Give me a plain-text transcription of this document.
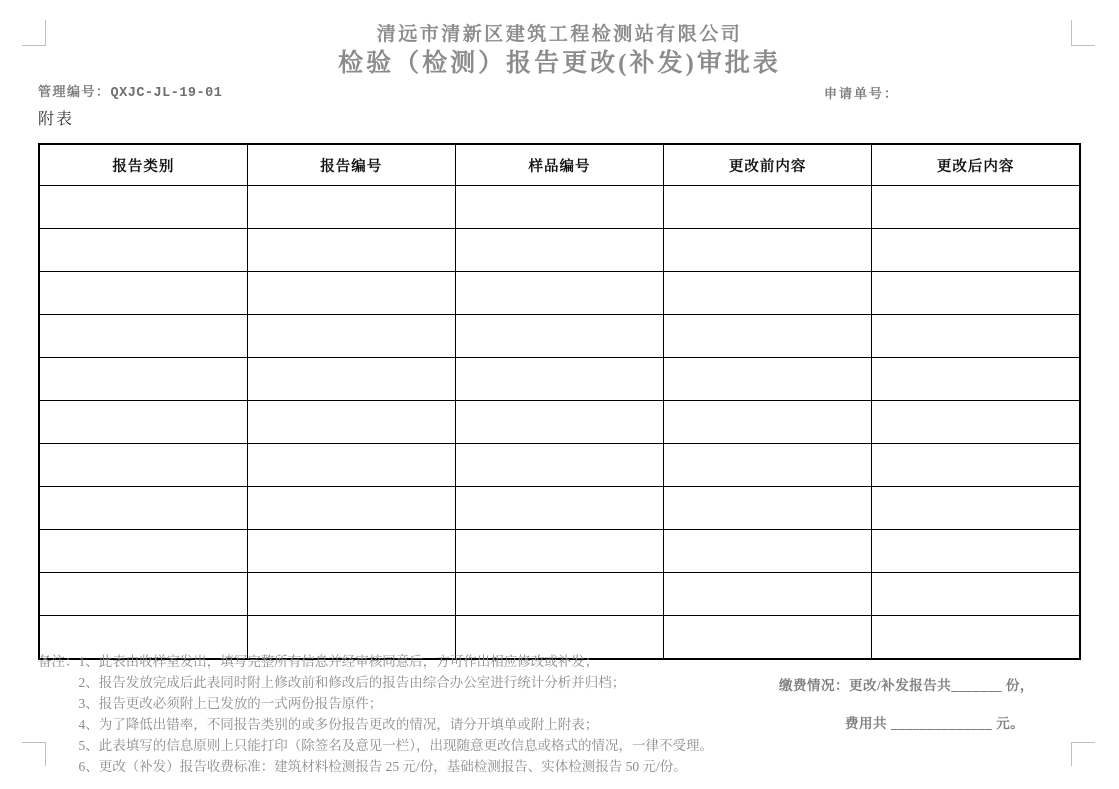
清远市清新区建筑工程检测站有限公司
检验（检测）报告更改(补发)审批表
管理编号：QXJC-JL-19-01	申请单号：
附表
报告类别	报告编号	样品编号	更改前内容	更改后内容

备注： 1、此表由收样室发出，填写完整所有信息并经审核同意后，方可作出相应修改或补发；
2、报告发放完成后此表同时附上修改前和修改后的报告由综合办公室进行统计分析并归档；
3、报告更改必须附上已发放的一式两份报告原件；
4、为了降低出错率，不同报告类别的或多份报告更改的情况，请分开填单或附上附表；
5、此表填写的信息原则上只能打印（除签名及意见一栏），出现随意更改信息或格式的情况，一律不受理。
6、更改（补发）报告收费标准：建筑材料检测报告 25 元/份，基础检测报告、实体检测报告 50 元/份。
缴费情况：更改/补发报告共_______ 份，
费用共 ______________ 元。
